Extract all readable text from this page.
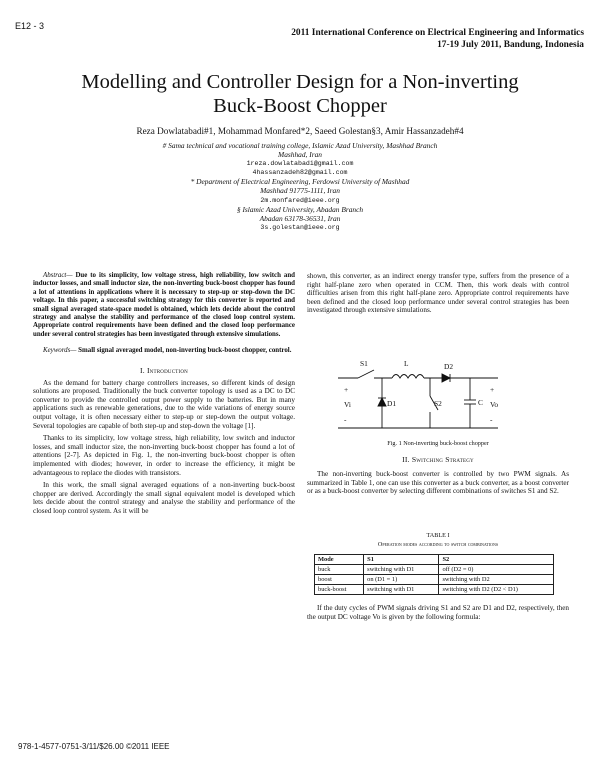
E12 - 3
2011 International Conference on Electrical Engineering and Informatics
17-19 July 2011, Bandung, Indonesia
Modelling and Controller Design for a Non-inverting
Buck-Boost Chopper
Reza Dowlatabadi#1, Mohammad Monfared*2, Saeed Golestan§3, Amir Hassanzadeh#4
# Sama technical and vocational training college, Islamic Azad University, Mashhad Branch
Mashhad, Iran
1reza.dowlatabadi@gmail.com
4hassanzadeh82@gmail.com
* Department of Electrical Engineering, Ferdowsi University of Mashhad
Mashhad 91775-1111, Iran
2m.monfared@ieee.org
§ Islamic Azad University, Abadan Branch
Abadan 63178-36531, Iran
3s.golestan@ieee.org
Abstract— Due to its simplicity, low voltage stress, high reliability, low switch and inductor losses, and small inductor size, the non-inverting buck-boost chopper has found a lot of attentions in applications where it is necessary to step-up or step-down the DC voltage. In this paper, a successful switching strategy for this converter is reported and small signal averaged state-space model is obtained, which lets decide about the control strategy and analyse the stability and performance of the closed loop control system. Appropriate control requirements have been defined and the closed loop performance under several control strategies has been investigated through extensive simulations.
Keywords— Small signal averaged model, non-inverting buck-boost chopper, control.
I. Introduction
As the demand for battery charge controllers increases, so different kinds of design solutions are proposed. Traditionally the buck converter topology is used as a DC to DC converter to provide the controlled output power supply to the batteries. But in many applications such as renewable generations, due to the wide variations of energy source output voltage, it is often necessary either to step-up or step-down the output voltage. Several topologies are capable of both step-up and step-down the voltage [1].
Thanks to its simplicity, low voltage stress, high reliability, low switch and inductor losses, and small inductor size, the non-inverting buck-boost chopper has found a lot of attentions [2-7]. As depicted in Fig. 1, the non-inverting buck-boost chopper is often implemented with diodes; however, in order to increase the efficiency, it might be advantageous to replace the diodes with transistors.
In this work, the small signal averaged equations of a non-inverting buck-boost chopper are derived. Accordingly the small signal equivalent model is developed which lets decide about the control strategy and analyse the stability and performance of the closed loop control system. As it will be
shown, this converter, as an indirect energy transfer type, suffers from the presence of a right half-plane zero when operated in CCM. Then, this work deals with control difficulties arisen from this right half-plane zero. Appropriate control requirements have been defined and the closed loop performance under several control strategies has been investigated through extensive simulations.
S1	L	D2
D1	S2	C
Vi	Vo
+
-
+
-
Fig. 1 Non-inverting buck-boost chopper
II. Switching Strategy
The non-inverting buck-boost converter is controlled by two PWM signals. As summarized in Table 1, one can use this converter as a buck converter, as a boost converter or as a buck-boost converter by selecting different combinations of switches S1 and S2.
TABLE I
Operation modes according to switch combinations
Mode	S1	S2
buck	switching with D1	off (D2 = 0)
boost	on (D1 = 1)	switching with D2
buck-boost	switching with D1	switching with D2 (D2 < D1)
If the duty cycles of PWM signals driving S1 and S2 are D1 and D2, respectively, then the output DC voltage Vo is given by the following formula:
978-1-4577-0751-3/11/$26.00 ©2011 IEEE
